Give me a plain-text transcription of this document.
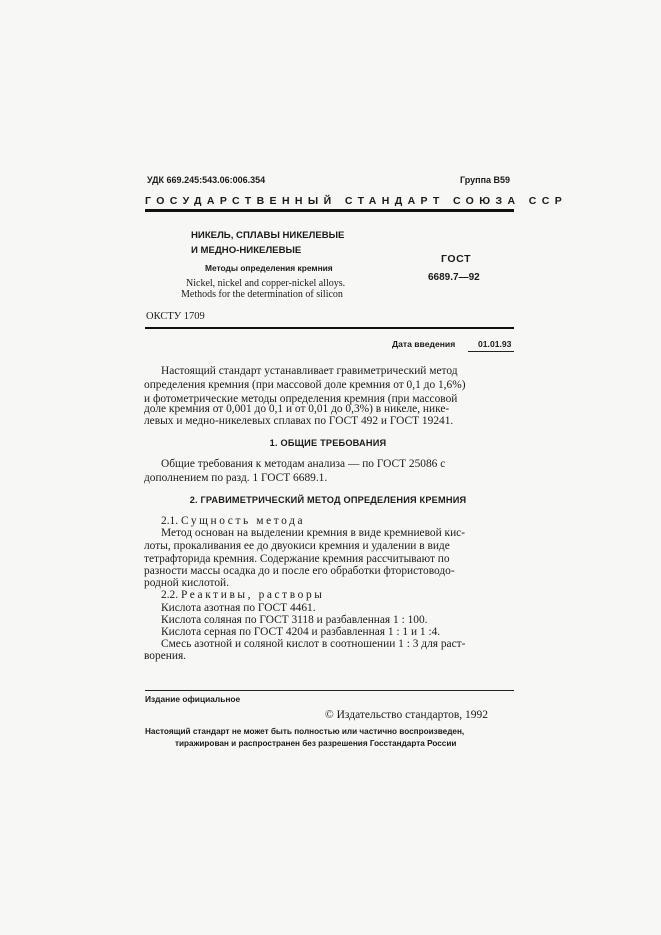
УДК 669.245:543.06:006.354	Группа В59
ГОСУДАРСТВЕННЫЙ СТАНДАРТ СОЮЗА ССР
НИКЕЛЬ, СПЛАВЫ НИКЕЛЕВЫЕ
И МЕДНО-НИКЕЛЕВЫЕ
Методы определения кремния
Nickel, nickel and copper-nickel alloys.
Methods for the determination of silicon
ГОСТ
6689.7—92
ОКСТУ 1709
Дата введения	01.01.93
Настоящий стандарт устанавливает гравиметрический метод
определения кремния (при массовой доле кремния от 0,1 до 1,6%)
и фотометрические методы определения кремния (при массовой
доле кремния от 0,001 до 0,1 и от 0,01 до 0,3%) в никеле, нике-
левых и медно-никелевых сплавах по ГОСТ 492 и ГОСТ 19241.
1. ОБЩИЕ ТРЕБОВАНИЯ
Общие требования к методам анализа — по ГОСТ 25086 с
дополнением по разд. 1 ГОСТ 6689.1.
2. ГРАВИМЕТРИЧЕСКИЙ МЕТОД ОПРЕДЕЛЕНИЯ КРЕМНИЯ
2.1. Сущность метода
Метод основан на выделении кремния в виде кремниевой кис-
лоты, прокаливания ее до двуокиси кремния и удалении в виде
тетрафторида кремния. Содержание кремния рассчитывают по
разности массы осадка до и после его обработки фтористоводо-
родной кислотой.
2.2. Реактивы, растворы
Кислота азотная по ГОСТ 4461.
Кислота соляная по ГОСТ 3118 и разбавленная 1 : 100.
Кислота серная по ГОСТ 4204 и разбавленная 1 : 1 и 1 :4.
Смесь азотной и соляной кислот в соотношении 1 : 3 для раст-
ворения.
Издание официальное
© Издательство стандартов, 1992
Настоящий стандарт не может быть полностью или частично воспроизведен,
тиражирован и распространен без разрешения Госстандарта России
